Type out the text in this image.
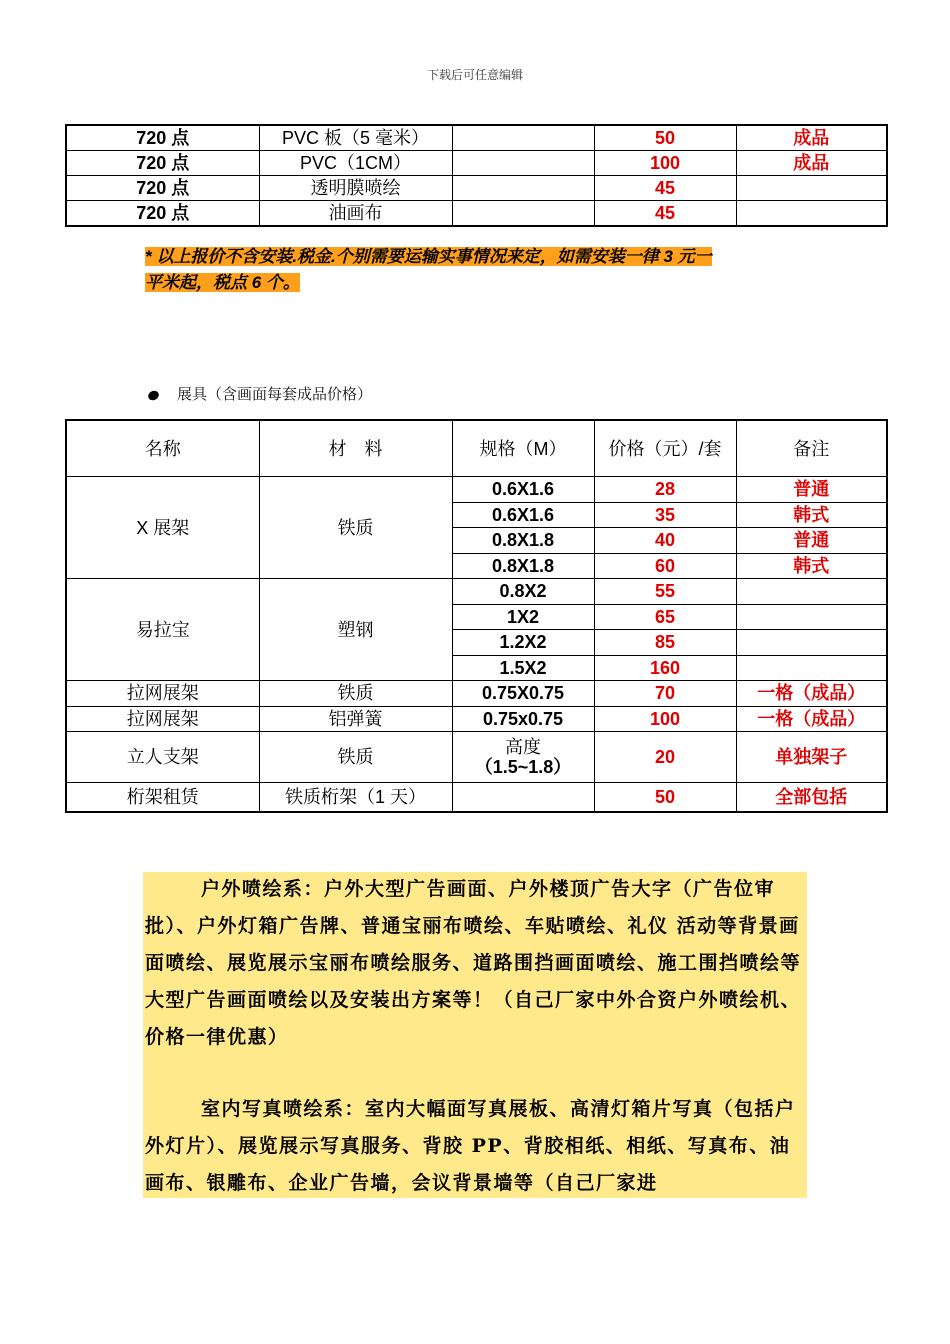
下载后可任意编辑
720 点	PVC 板（5 毫米）		50	成品
720 点	PVC（1CM）		100	成品
720 点	透明膜喷绘		45	
720 点	油画布		45	
* 以上报价不含安装.税金.个别需要运输实事情况来定，如需安装一律 3 元一
平米起，税点 6 个。
展具（含画面每套成品价格）
名称	材　料	规格（M）	价格（元）/套	备注
X 展架	铁质	0.6X1.6	28	普通
		0.6X1.6	35	韩式
		0.8X1.8	40	普通
		0.8X1.8	60	韩式
易拉宝	塑钢	0.8X2	55	
		1X2	65	
		1.2X2	85	
		1.5X2	160	
拉网展架	铁质	0.75X0.75	70	一格（成品）
拉网展架	铝弹簧	0.75x0.75	100	一格（成品）
立人支架	铁质	高度
（1.5~1.8）	20	单独架子
桁架租赁	铁质桁架（1 天）		50	全部包括
户外喷绘系：户外大型广告画面、户外楼顶广告大字（广告位审批）、户外灯箱广告牌、普通宝丽布喷绘、车贴喷绘、礼仪 活动等背景画面喷绘、展览展示宝丽布喷绘服务、道路围挡画面喷绘、施工围挡喷绘等大型广告画面喷绘以及安装出方案等！（自己厂家中外合资户外喷绘机、价格一律优惠）
室内写真喷绘系：室内大幅面写真展板、高清灯箱片写真（包括户外灯片）、展览展示写真服务、背胶 PP、背胶相纸、相纸、写真布、油画布、银雕布、企业广告墙，会议背景墙等（自己厂家进
